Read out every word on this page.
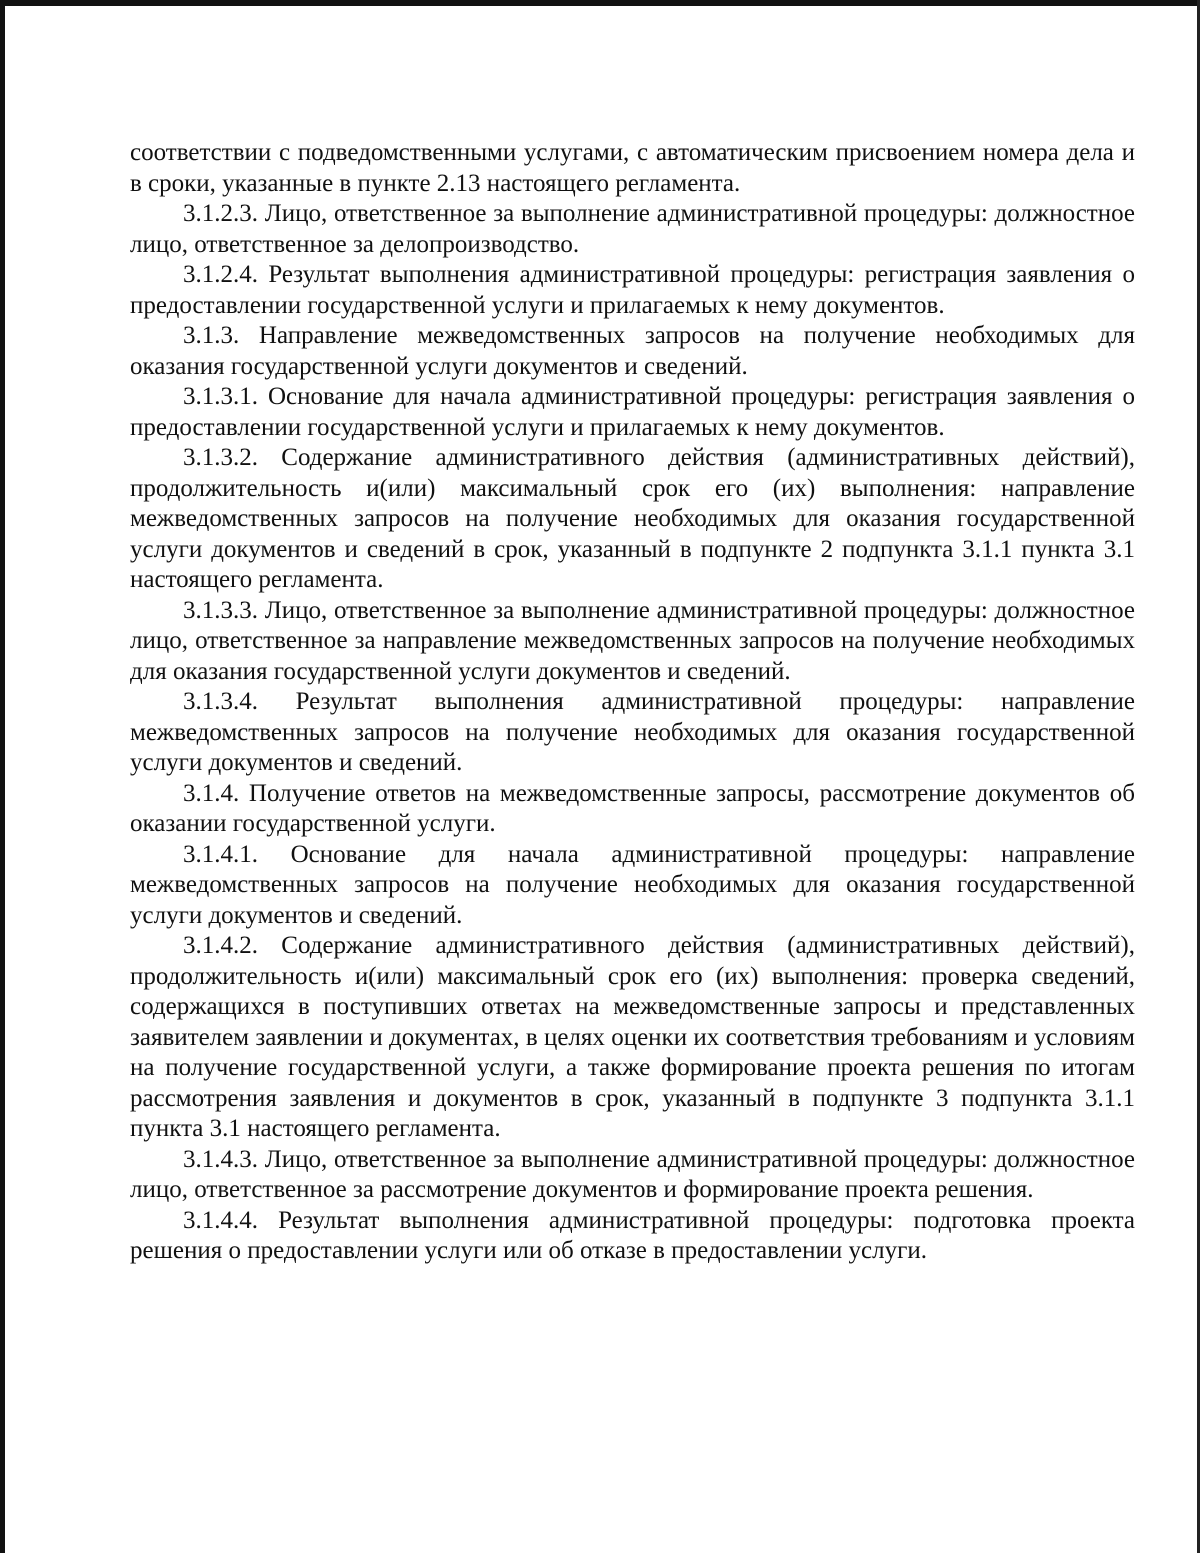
соответствии с подведомственными услугами, с автоматическим присвоением номера дела и в сроки, указанные в пункте 2.13 настоящего регламента.

3.1.2.3. Лицо, ответственное за выполнение административной процедуры: должностное лицо, ответственное за делопроизводство.

3.1.2.4. Результат выполнения административной процедуры: регистрация заявления о предоставлении государственной услуги и прилагаемых к нему документов.

3.1.3. Направление межведомственных запросов на получение необходимых для оказания государственной услуги документов и сведений.

3.1.3.1. Основание для начала административной процедуры: регистрация заявления о предоставлении государственной услуги и прилагаемых к нему документов.

3.1.3.2. Содержание административного действия (административных действий), продолжительность и(или) максимальный срок его (их) выполнения: направление межведомственных запросов на получение необходимых для оказания государственной услуги документов и сведений в срок, указанный в подпункте 2 подпункта 3.1.1 пункта 3.1 настоящего регламента.

3.1.3.3. Лицо, ответственное за выполнение административной процедуры: должностное лицо, ответственное за направление межведомственных запросов на получение необходимых для оказания государственной услуги документов и сведений.

3.1.3.4. Результат выполнения административной процедуры: направление межведомственных запросов на получение необходимых для оказания государственной услуги документов и сведений.

3.1.4. Получение ответов на межведомственные запросы, рассмотрение документов об оказании государственной услуги.

3.1.4.1. Основание для начала административной процедуры: направление межведомственных запросов на получение необходимых для оказания государственной услуги документов и сведений.

3.1.4.2. Содержание административного действия (административных действий), продолжительность и(или) максимальный срок его (их) выполнения: проверка сведений, содержащихся в поступивших ответах на межведомственные запросы и представленных заявителем заявлении и документах, в целях оценки их соответствия требованиям и условиям на получение государственной услуги, а также формирование проекта решения по итогам рассмотрения заявления и документов в срок, указанный в подпункте 3 подпункта 3.1.1 пункта 3.1 настоящего регламента.

3.1.4.3. Лицо, ответственное за выполнение административной процедуры: должностное лицо, ответственное за рассмотрение документов и формирование проекта решения.

3.1.4.4. Результат выполнения административной процедуры: подготовка проекта решения о предоставлении услуги или об отказе в предоставлении услуги.
